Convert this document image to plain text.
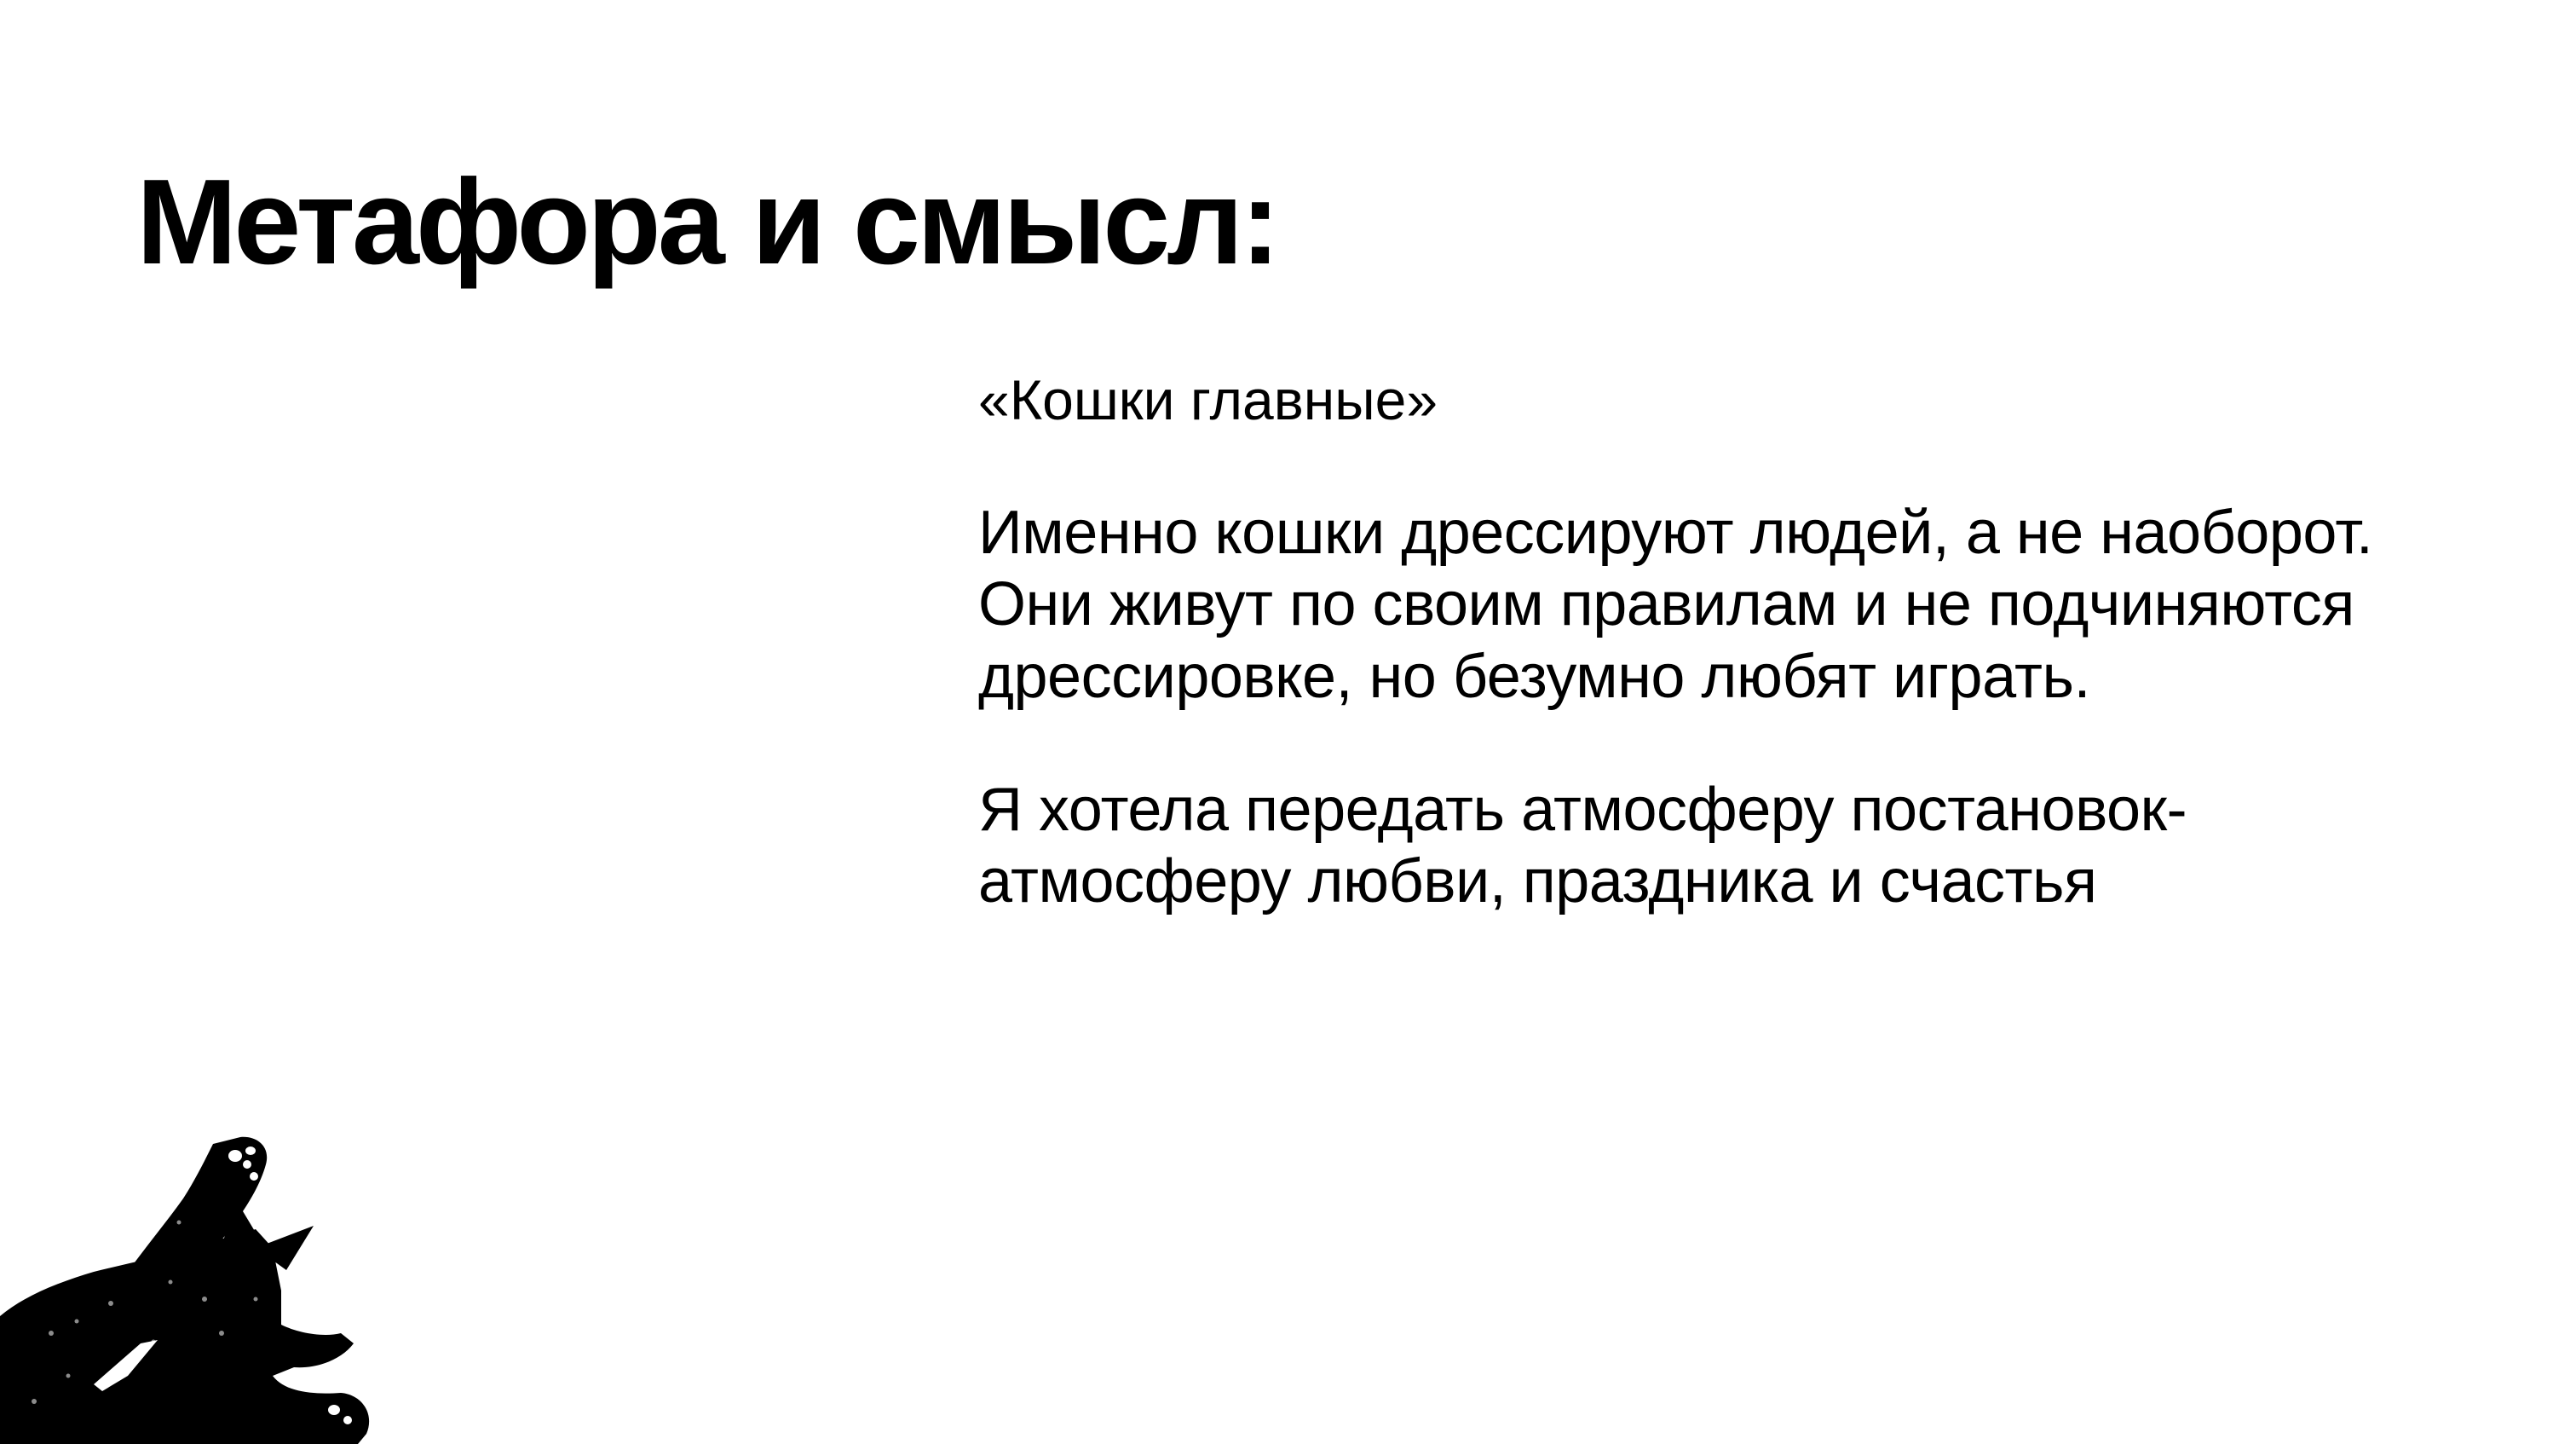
Метафора и смысл:

«Кошки главные»

Именно кошки дрессируют людей, а не наоборот.
Они живут по своим правилам и не подчиняются
дрессировке, но безумно любят играть.

Я хотела передать атмосферу постановок-
атмосферу любви, праздника и счастья
